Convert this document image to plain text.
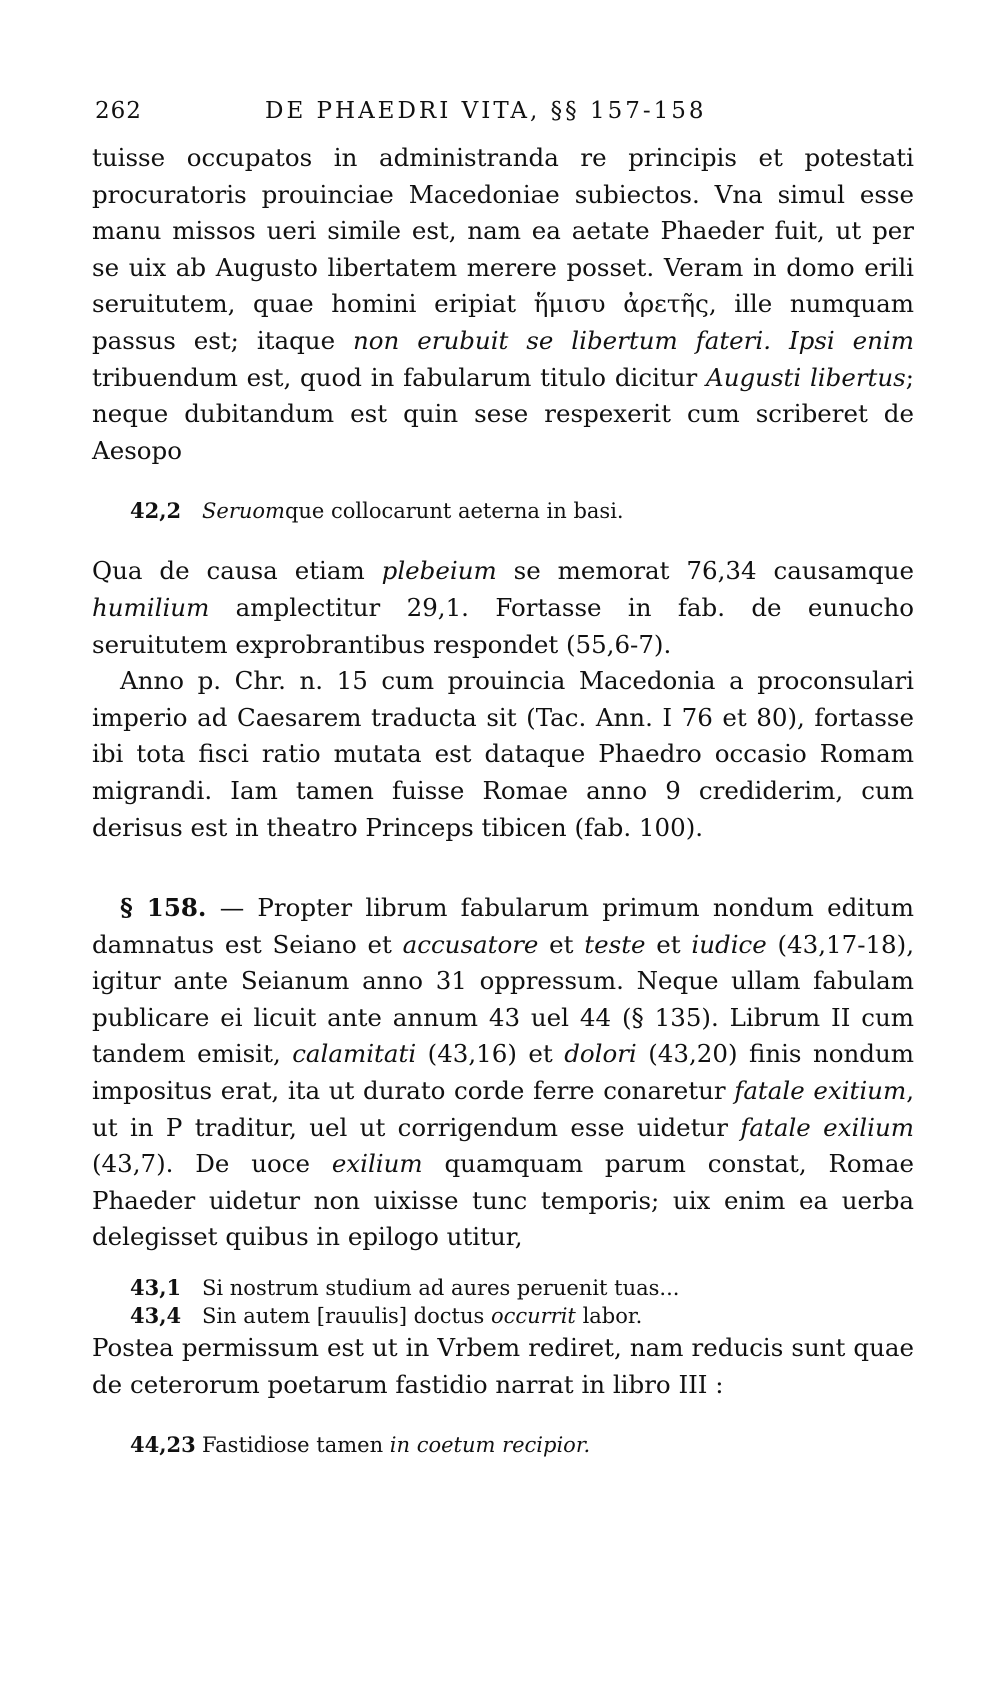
262	DE PHAEDRI VITA, §§ 157-158

tuisse occupatos in administranda re principis et potestati procuratoris prouinciae Macedoniae subiectos. Vna simul esse manu missos ueri simile est, nam ea aetate Phaeder fuit, ut per se uix ab Augusto libertatem merere posset. Veram in domo erili seruitutem, quae homini eripiat ἥμισυ ἀρετῆς, ille numquam passus est; itaque non erubuit se libertum fateri. Ipsi enim tribuendum est, quod in fabularum titulo dicitur Augusti libertus; neque dubitandum est quin sese respexerit cum scriberet de Aesopo

42,2 Seruomque collocarunt aeterna in basi.

Qua de causa etiam plebeium se memorat 76,34 causamque humilium amplectitur 29,1. Fortasse in fab. de eunucho seruitutem exprobrantibus respondet (55,6-7).

Anno p. Chr. n. 15 cum prouincia Macedonia a proconsulari imperio ad Caesarem traducta sit (Tac. Ann. I 76 et 80), fortasse ibi tota fisci ratio mutata est dataque Phaedro occasio Romam migrandi. Iam tamen fuisse Romae anno 9 crediderim, cum derisus est in theatro Princeps tibicen (fab. 100).

§ 158. — Propter librum fabularum primum nondum editum damnatus est Seiano et accusatore et teste et iudice (43,17-18), igitur ante Seianum anno 31 oppressum. Neque ullam fabulam publicare ei licuit ante annum 43 uel 44 (§ 135). Librum II cum tandem emisit, calamitati (43,16) et dolori (43,20) finis nondum impositus erat, ita ut durato corde ferre conaretur fatale exitium, ut in P traditur, uel ut corrigendum esse uidetur fatale exilium (43,7). De uoce exilium quamquam parum constat, Romae Phaeder uidetur non uixisse tunc temporis; uix enim ea uerba delegisset quibus in epilogo utitur,

43,1 Si nostrum studium ad aures peruenit tuas...

43,4 Sin autem [rauulis] doctus occurrit labor.

Postea permissum est ut in Vrbem rediret, nam reducis sunt quae de ceterorum poetarum fastidio narrat in libro III :

44,23 Fastidiose tamen in coetum recipior.
